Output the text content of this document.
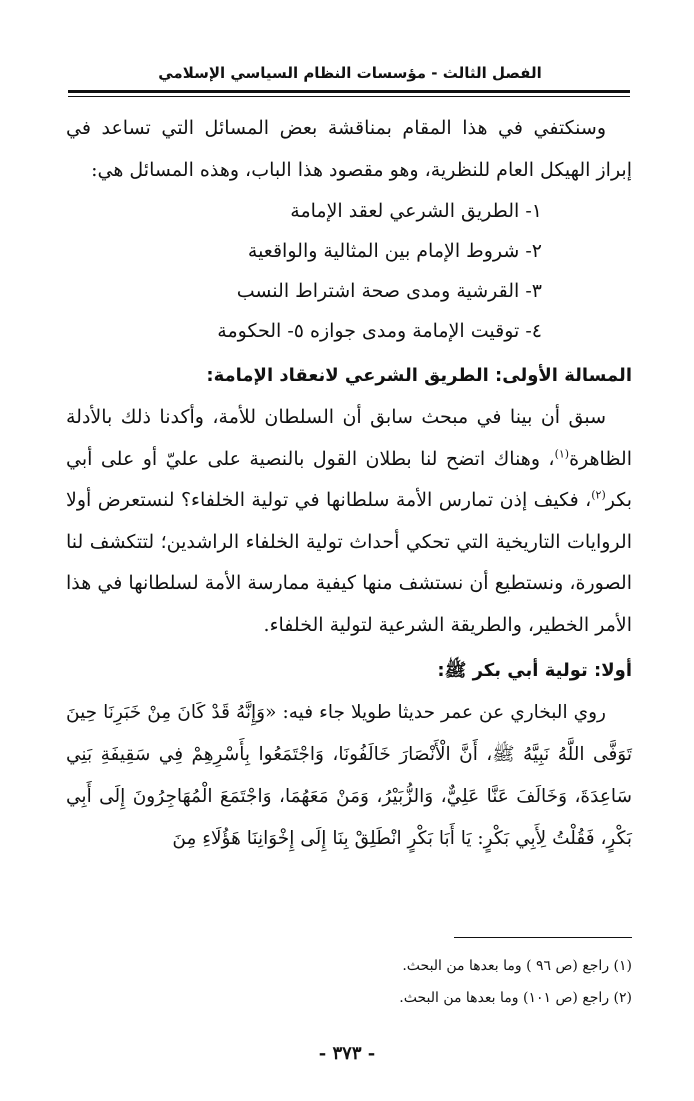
الفصل الثالث - مؤسسات النظام السياسي الإسلامي

وسنكتفي في هذا المقام بمناقشة بعض المسائل التي تساعد في إبراز الهيكل العام للنظرية، وهو مقصود هذا الباب، وهذه المسائل هي:

١- الطريق الشرعي لعقد الإمامة

٢- شروط الإمام بين المثالية والواقعية

٣- القرشية ومدى صحة اشتراط النسب

٤- توقيت الإمامة ومدى جوازه ٥- الحكومة

المسالة الأولى: الطريق الشرعي لانعقاد الإمامة:

سبق أن بينا في مبحث سابق أن السلطان للأمة، وأكدنا ذلك بالأدلة الظاهرة$^{(١)}$، وهناك اتضح لنا بطلان القول بالنصية على عليّ أو على أبي بكر$^{(٢)}$، فكيف إذن تمارس الأمة سلطانها في تولية الخلفاء؟ لنستعرض أولا الروايات التاريخية التي تحكي أحداث تولية الخلفاء الراشدين؛ لتتكشف لنا الصورة، ونستطيع أن نستشف منها كيفية ممارسة الأمة لسلطانها في هذا الأمر الخطير، والطريقة الشرعية لتولية الخلفاء.

أولا: تولية أبي بكر ﷺ:

روي البخاري عن عمر حديثا طويلا جاء فيه: «وَإِنَّهُ قَدْ كَانَ مِنْ خَبَرِنَا حِينَ تَوَفَّى اللَّهُ نَبِيَّهُ ﷺ، أَنَّ الْأَنْصَارَ خَالَفُونَا، وَاجْتَمَعُوا بِأَسْرِهِمْ فِي سَقِيفَةِ بَنِي سَاعِدَةَ، وَخَالَفَ عَنَّا عَلِيٌّ، وَالزُّبَيْرُ، وَمَنْ مَعَهُمَا، وَاجْتَمَعَ الْمُهَاجِرُونَ إِلَى أَبِي بَكْرٍ، فَقُلْتُ لِأَبِي بَكْرٍ: يَا أَبَا بَكْرٍ انْطَلِقْ بِنَا إِلَى إِخْوَانِنَا هَؤُلَاءِ مِنَ

(١) راجع (ص ٩٦ ) وما بعدها من البحث.
(٢) راجع (ص ١٠١) وما بعدها من البحث.
- ٣٧٣ -
